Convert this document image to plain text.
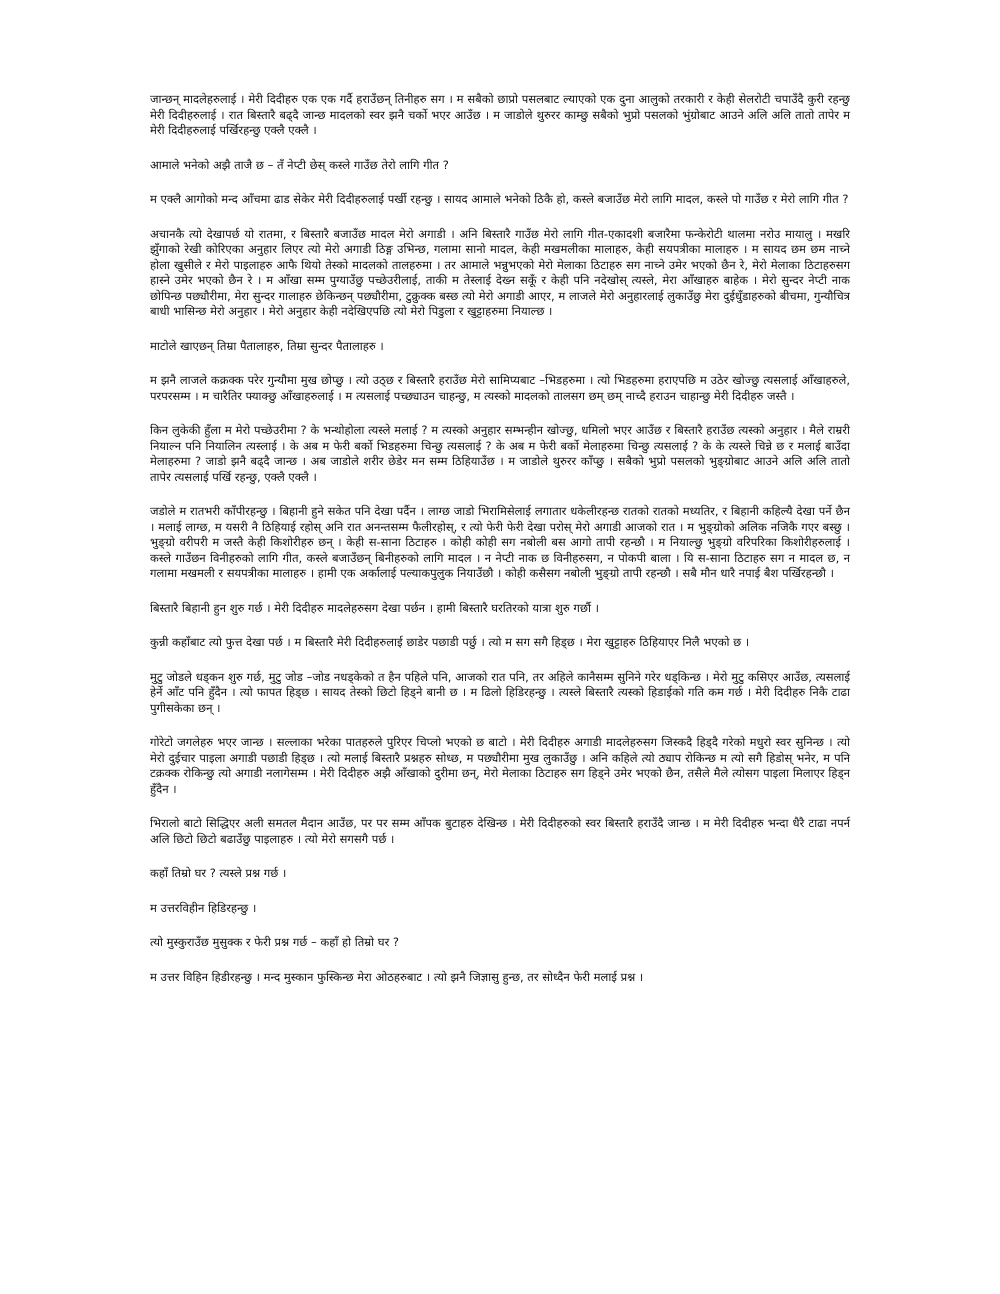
जान्छन् मादलेहरुलाई । मेरी दिदीहरु एक एक गर्दै हराउँछन् तिनीहरु सग । म सबैको छाप्रो पसलबाट ल्याएको एक दुना आलुको तरकारी र केही सेलरोटी चपाउँदै कुरी रहन्छु मेरी दिदीहरुलाई । रात बिस्तारै बढ्दै जान्छ मादलको स्वर झनै चर्को भएर आउँछ । म जाडोले थुरुरर काम्छु सबैको भुप्रो पसलको भुंग्रोबाट आउने अलि अलि तातो तापेर म मेरी दिदीहरुलाई पर्खिरहन्छु एक्लै एक्लै ।

आमाले भनेको अझै ताजै छ – तँ नेप्टी छेस् कस्ले गाउँछ तेरो लागि गीत ?

म एक्लै आगोको मन्द आँचमा ढाड सेकेर मेरी दिदीहरुलाई पर्खी रहन्छु । सायद आमाले भनेको ठिकै हो, कस्ले बजाउँछ मेरो लागि मादल, कस्ले पो गाउँछ र मेरो लागि गीत ?

अचानकै त्यो देखापर्छ यो रातमा, र बिस्तारै बजाउँछ मादल मेरो अगाडी । अनि बिस्तारै गाउँछ मेरो लागि गीत-एकादशी बजारैमा फन्केरोटी थालमा नरोउ मायालु । मखरि झुँगाको रेखी कोरिएका अनुहार लिएर त्यो मेरो अगाडी ठिङ्ग उभिन्छ, गलामा सानो मादल, केही मखमलीका मालाहरु, केही सयपत्रीका मालाहरु । म सायद छम छम नाच्ने होला खुसीले र मेरो पाइलाहरु आफै थियो तेस्को मादलको तालहरुमा । तर आमाले भन्नुभएको मेरो मेलाका ठिटाहरु सग नाच्ने उमेर भएको छैन रे, मेरो मेलाका ठिटाहरुसग हास्ने उमेर भएको छैन रे । म आँखा सम्म पुग्याउँछु पच्छेउरीलाई, ताकी म तेस्लाई देख्न सकूँ र केही पनि नदेखोस् त्यस्ले, मेरा आँखाहरु बाहेक । मेरो सुन्दर नेप्टी नाक छोपिन्छ पछ्यौरीमा, मेरा सुन्दर गालाहरु छेकिन्छन् पछ्यौरीमा, टुक्रुक्क बस्छ त्यो मेरो अगाडी आएर, म लाजले मेरो अनुहारलाई लुकाउँछु मेरा दुईधुँडाहरुको बीचमा, गुन्यौचित्र बाधी भासिन्छ मेरो अनुहार । मेरो अनुहार केही नदेखिएपछि त्यो मेरो पिडुला र खुट्टाहरुमा नियाल्छ ।

माटोले खाएछन् तिम्रा पैतालाहरु, तिम्रा सुन्दर पैतालाहरु ।

म झनै लाजले कक्रक्क परेर गुन्यौमा मुख छोप्छु । त्यो उठ्छ र बिस्तारै हराउँछ मेरो सामिप्यबाट –भिडहरुमा । त्यो भिडहरुमा हराएपछि म उठेर खोज्छु त्यसलाई आँखाहरुले, परपरसम्म । म चारैतिर फ्याक्छु आँखाहरुलाई । म त्यसलाई पच्छ्याउन चाहन्छु, म त्यस्को मादलको तालसग छम् छम् नाच्दै हराउन चाहान्छु मेरी दिदीहरु जस्तै ।

किन लुकेकी हुँला म मेरो पच्छेउरीमा ? के भन्थोहोला त्यस्ले मलाई ? म त्यस्को अनुहार सम्भन्हीन खोज्छु, धमिलो भएर आउँछ र बिस्तारै हराउँछ त्यस्को अनुहार । मैले राम्ररी नियाल्न पनि नियालिन त्यस्लाई । के अब म फेरी बर्को भिडहरुमा चिन्छु त्यसलाई ? के अब म फेरी बर्को मेलाहरुमा चिन्छु त्यसलाई ? के के त्यस्ले चिन्ने छ र मलाई बाउँदा मेलाहरुमा ? जाडो झनै बढ्दै जान्छ । अब जाडोले शरीर छेडेर मन सम्म ठिहियाउँछ । म जाडोले थुरुरर काँप्छु । सबैको भुप्रो पसलको भुङ्ग्रोबाट आउने अलि अलि तातो तापेर त्यसलाई पर्खि रहन्छु, एक्लै एक्लै ।

जडोले म रातभरी काँपीरहन्छु । बिहानी हुने सकेत पनि देखा पर्दैन । लाग्छ जाडो भिरामिसेलाई लगातार धकेलीरहन्छ रातको रातको मध्यतिर, र बिहानी कहिल्यै देखा पर्ने छैन । मलाई लाग्छ, म यसरी नै ठिहियाई रहोस् अनि रात अनन्तसम्म फैलीरहोस्, र त्यो फेरी फेरी देखा परोस् मेरो अगाडी आजको रात । म भुङ्ग्रोको अलिक नजिकै गएर बस्छु । भुङ्ग्रो वरीपरी म जस्तै केही किशोरीहरु छन् । केही स-साना ठिटाहरु । कोही कोही सग नबोली बस आगो तापी रहन्छौ । म नियाल्छु भुङ्ग्रो वरिपरिका किशोरीहरुलाई । कस्ले गाउँछन विनीहरुको लागि गीत, कस्ले बजाउँछन् बिनीहरुको लागि मादल । न नेप्टी नाक छ विनीहरुसग, न पोकपी बाला । यि स-साना ठिटाहरु सग न मादल छ, न गलामा मखमली र सयपत्रीका मालाहरु । हामी एक अर्कालाई पल्याकपुलुक नियाउँछौ । कोही कसैसग नबोली भुङ्ग्रो तापी रहन्छौ । सबै मौन धारै नपाई बैश पर्खिरहन्छौ ।

बिस्तारै बिहानी हुन शुरु गर्छ । मेरी दिदीहरु मादलेहरुसग देखा पर्छन । हामी बिस्तारै घरतिरको यात्रा शुरु गर्छौ ।

कुन्नी कहाँबाट त्यो फुत्त देखा पर्छ । म बिस्तारै मेरी दिदीहरुलाई छाडेर पछाडी पर्छु । त्यो म सग सगै हिड्छ । मेरा खुट्टाहरु ठिहियाएर निलै भएको छ ।

मुटु जोडले धड्कन शुरु गर्छ, मुटु जोड –जोड नधड्केको त हैन पहिले पनि, आजको रात पनि, तर अहिले कानैसम्म सुनिने गरेर धड्किन्छ । मेरो मुटु कसिएर आउँछ, त्यसलाई हेर्ने आँट पनि हुँदैन । त्यो फापत हिड्छ । सायद तेस्को छिटो हिड्ने बानी छ । म ढिलो हिडिरहन्छु । त्यस्ले बिस्तारै त्यस्को हिडाईको गति कम गर्छ । मेरी दिदीहरु निकै टाढा पुगीसकेका छन् ।

गोरेटो जगलेहरु भएर जान्छ । सल्लाका भरेका पातहरुले पुरिएर चिप्लो भएको छ बाटो । मेरी दिदीहरु अगाडी मादलेहरुसग जिस्कदै हिड्दै गरेको मधुरो स्वर सुनिन्छ । त्यो मेरो दुईचार पाइला अगाडी पछाडी हिड्छ । त्यो मलाई बिस्तारै प्रश्नहरु सोध्छ, म पछ्यौरीमा मुख लुकाउँछु । अनि कहिले त्यो ठ्याप रोकिन्छ म त्यो सगै हिडोस् भनेर, म पनि टक्रक्क रोकिन्छु त्यो अगाडी नलागेसम्म । मेरी दिदीहरु अझै आँखाको दुरीमा छन्, मेरो मेलाका ठिटाहरु सग हिड्ने उमेर भएको छैन, तसैले मैले त्योसग पाइला मिलाएर हिड्न हुँदैन ।

भिरालो बाटो सिद्धिएर अली समतल मैदान आउँछ, पर पर सम्म आँपक बुटाहरु देखिन्छ । मेरी दिदीहरुको स्वर बिस्तारै हराउँदै जान्छ । म मेरी दिदीहरु भन्दा धैरै टाढा नपर्न अलि छिटो छिटो बढाउँछु पाइलाहरु । त्यो मेरो सगसगै पर्छ ।

कहाँ तिम्रो घर ? त्यस्ले प्रश्न गर्छ ।

म उत्तरविहीन हिडिरहन्छु ।

त्यो मुस्कुराउँछ मुसुक्क र फेरी प्रश्न गर्छ – कहाँ हो तिम्रो घर ?

म उत्तर विहिन हिडीरहन्छु । मन्द मुस्कान फुस्किन्छ मेरा ओठहरुबाट । त्यो झनै जिज्ञासु हुन्छ, तर सोध्दैन फेरी मलाई प्रश्न ।
